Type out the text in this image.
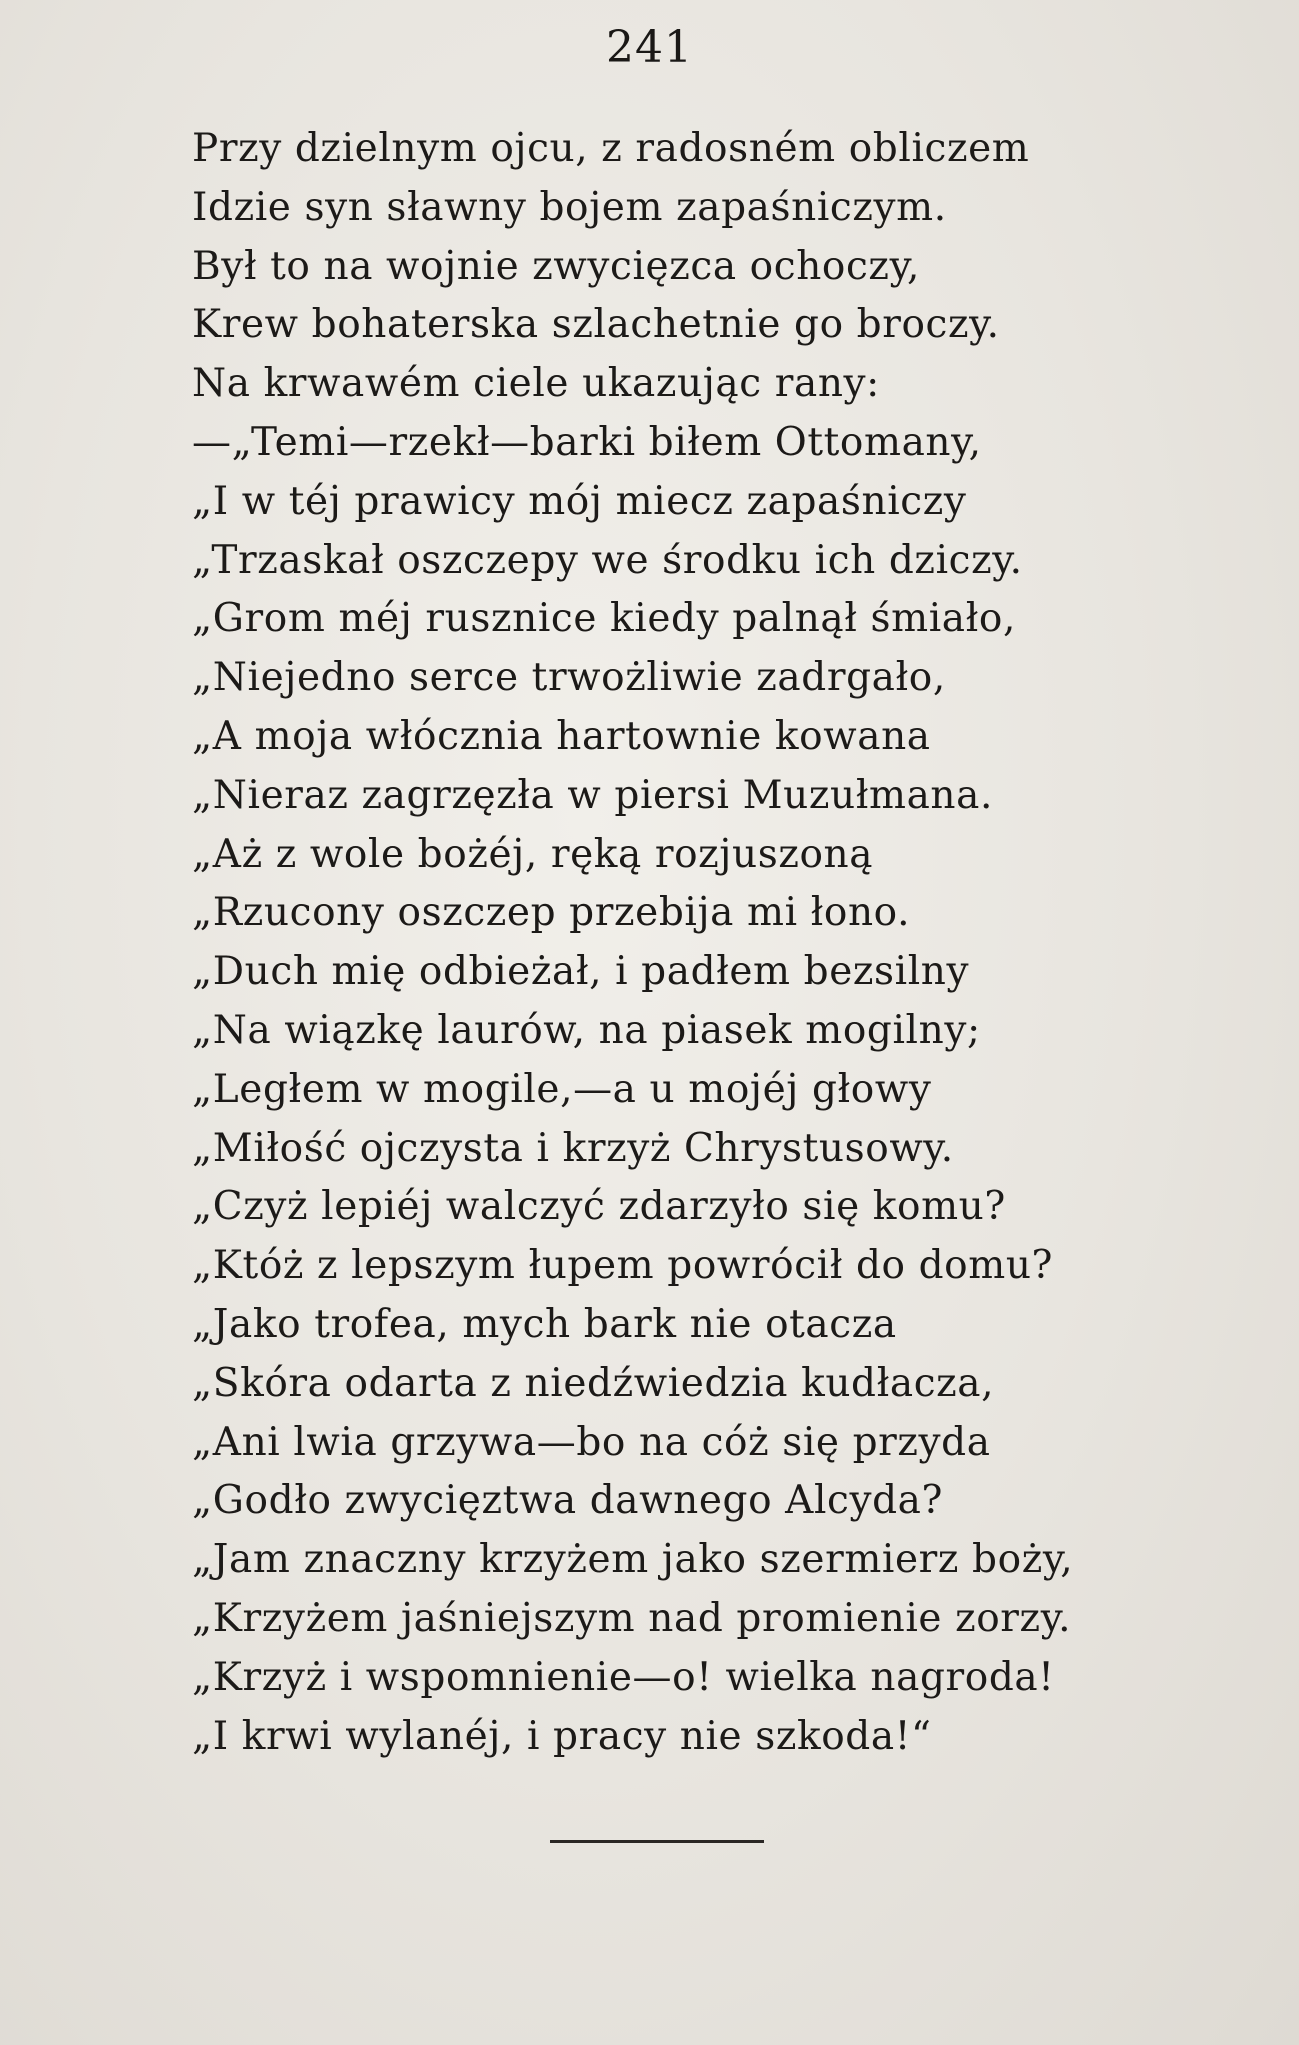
241
Przy dzielnym ojcu, z radosném obliczem
Idzie syn sławny bojem zapaśniczym.
Był to na wojnie zwycięzca ochoczy,
Krew bohaterska szlachetnie go broczy.
Na krwawém ciele ukazując rany:
—„Temi—rzekł—barki biłem Ottomany,
„I w téj prawicy mój miecz zapaśniczy
„Trzaskał oszczepy we środku ich dziczy.
„Grom méj rusznice kiedy palnął śmiało,
„Niejedno serce trwożliwie zadrgało,
„A moja włócznia hartownie kowana
„Nieraz zagrzęzła w piersi Muzułmana.
„Aż z wole bożéj, ręką rozjuszoną
„Rzucony oszczep przebija mi łono.
„Duch mię odbieżał, i padłem bezsilny
„Na wiązkę laurów, na piasek mogilny;
„Ległem w mogile,—a u mojéj głowy
„Miłość ojczysta i krzyż Chrystusowy.
„Czyż lepiéj walczyć zdarzyło się komu?
„Któż z lepszym łupem powrócił do domu?
„Jako trofea, mych bark nie otacza
„Skóra odarta z niedźwiedzia kudłacza,
„Ani lwia grzywa—bo na cóż się przyda
„Godło zwycięztwa dawnego Alcyda?
„Jam znaczny krzyżem jako szermierz boży,
„Krzyżem jaśniejszym nad promienie zorzy.
„Krzyż i wspomnienie—o! wielka nagroda!
„I krwi wylanéj, i pracy nie szkoda!“
